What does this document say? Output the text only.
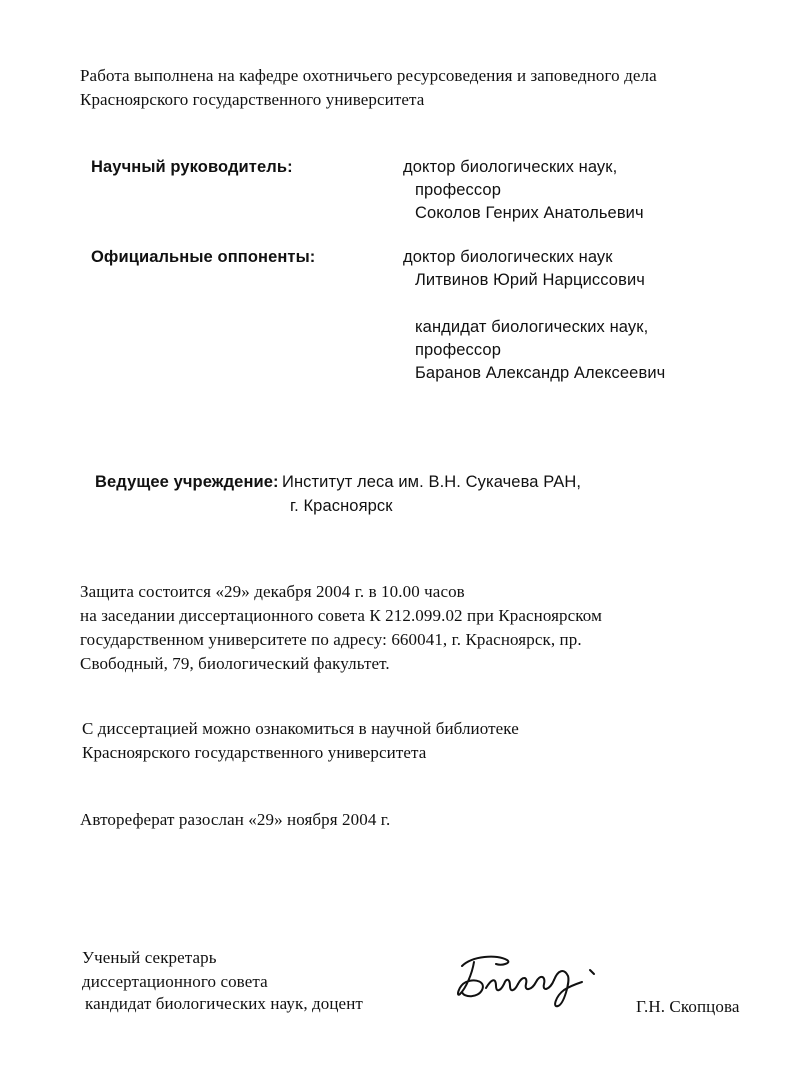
Работа выполнена на кафедре охотничьего ресурсоведения и заповедного дела
Красноярского государственного университета
Научный руководитель:	доктор биологических наук,
профессор
Соколов Генрих Анатольевич
Официальные оппоненты:	доктор биологических наук
Литвинов Юрий Нарциссович
кандидат биологических наук,
профессор
Баранов Александр Алексеевич
Ведущее учреждение: Институт леса им. В.Н. Сукачева РАН,
г. Красноярск
Защита состоится «29» декабря 2004 г. в 10.00 часов
на заседании диссертационного совета К 212.099.02 при Красноярском
государственном университете по адресу: 660041, г. Красноярск, пр.
Свободный, 79, биологический факультет.
С диссертацией можно ознакомиться в научной библиотеке
Красноярского государственного университета
Автореферат разослан «29» ноября 2004 г.
Ученый секретарь
диссертационного совета
кандидат биологических наук, доцент	Г.Н. Скопцова
